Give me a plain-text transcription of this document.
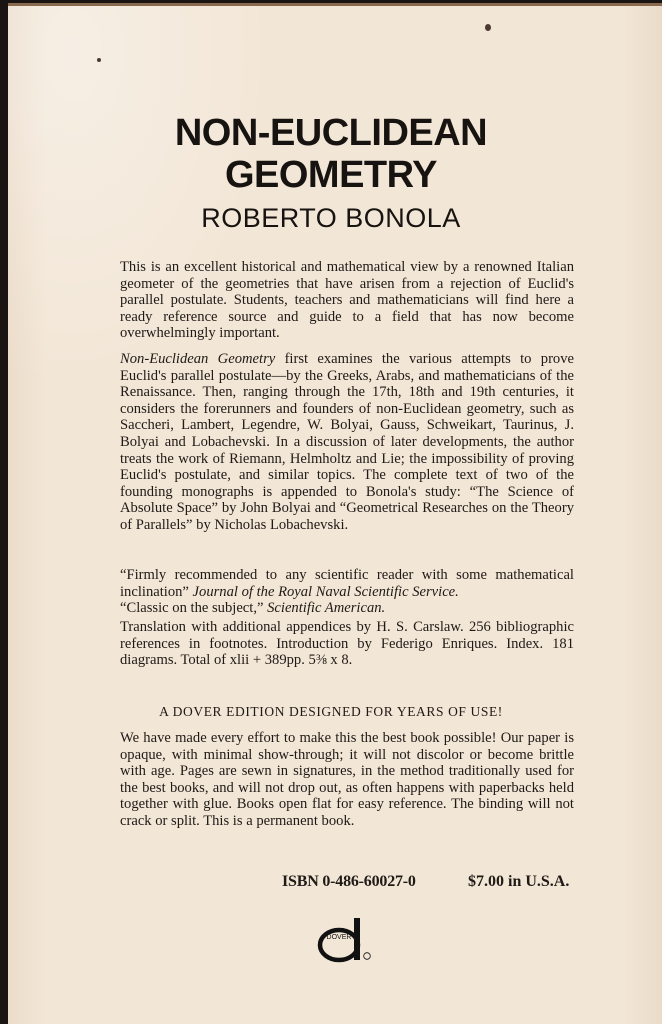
NON-EUCLIDEAN
GEOMETRY
ROBERTO BONOLA

This is an excellent historical and mathematical view by a renowned Italian geometer of the geometries that have arisen from a rejection of Euclid's parallel postulate. Students, teachers and mathematicians will find here a ready reference source and guide to a field that has now become overwhelmingly important.

Non-Euclidean Geometry first examines the various attempts to prove Euclid's parallel postulate—by the Greeks, Arabs, and mathematicians of the Renaissance. Then, ranging through the 17th, 18th and 19th centuries, it considers the forerunners and founders of non-Euclidean geometry, such as Saccheri, Lambert, Legendre, W. Bolyai, Gauss, Schweikart, Taurinus, J. Bolyai and Lobachevski. In a discussion of later developments, the author treats the work of Riemann, Helmholtz and Lie; the impossibility of proving Euclid's postulate, and similar topics. The complete text of two of the founding monographs is appended to Bonola's study: “The Science of Absolute Space” by John Bolyai and “Geometrical Researches on the Theory of Parallels” by Nicholas Lobachevski.

“Firmly recommended to any scientific reader with some mathematical inclination” Journal of the Royal Naval Scientific Service.
“Classic on the subject,” Scientific American.

Translation with additional appendices by H. S. Carslaw. 256 bibliographic references in footnotes. Introduction by Federigo Enriques. Index. 181 diagrams. Total of xlii + 389pp. 5⅜ x 8.

A DOVER EDITION DESIGNED FOR YEARS OF USE!

We have made every effort to make this the best book possible! Our paper is opaque, with minimal show-through; it will not discolor or become brittle with age. Pages are sewn in signatures, in the method traditionally used for the best books, and will not drop out, as often happens with paperbacks held together with glue. Books open flat for easy reference. The binding will not crack or split. This is a permanent book.

ISBN 0-486-60027-0	$7.00 in U.S.A.
DOVER
